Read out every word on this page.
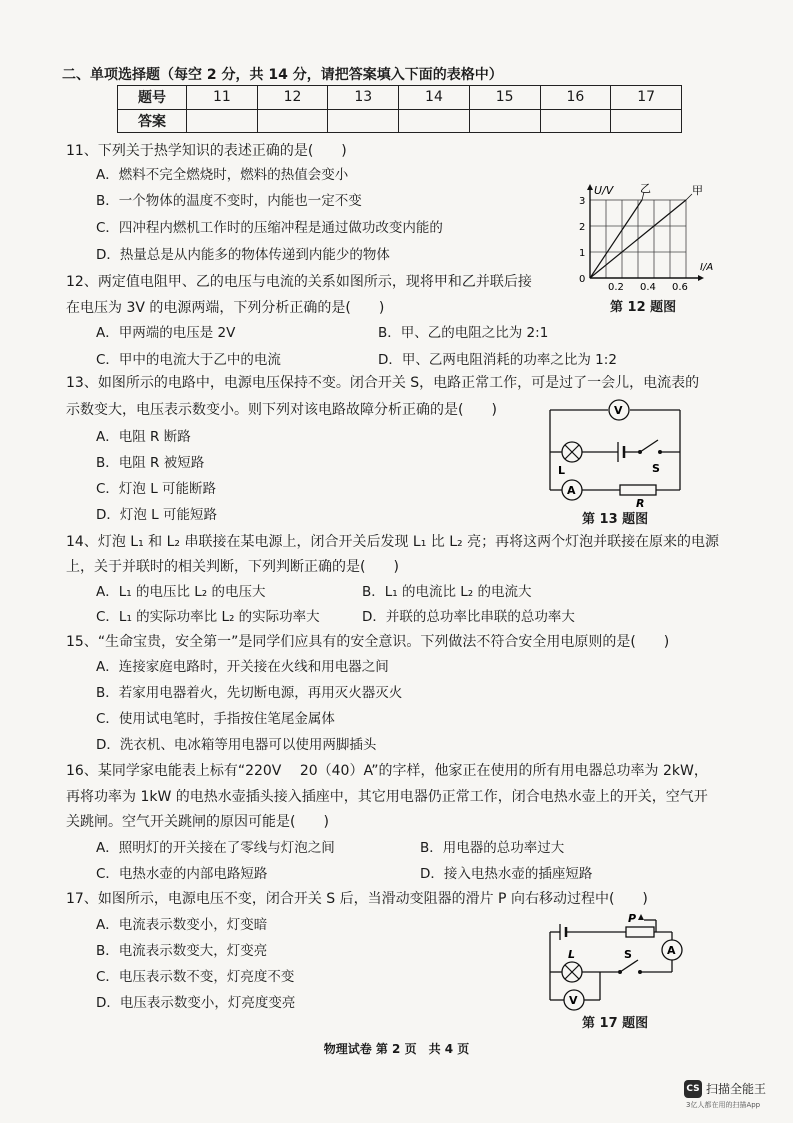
二、单项选择题（每空 2 分，共 14 分，请把答案填入下面的表格中）
题号	11	12	13	14	15	16	17
答案							
11、下列关于热学知识的表述正确的是(　　)
A．燃料不完全燃烧时，燃料的热值会变小
B．一个物体的温度不变时，内能也一定不变
C．四冲程内燃机工作时的压缩冲程是通过做功改变内能的
D．热量总是从内能多的物体传递到内能少的物体
U/V 乙	甲
3
2
1
0
0.2 0.4 0.6
I/A
第 12 题图
12、两定值电阻甲、乙的电压与电流的关系如图所示，现将甲和乙并联后接
在电压为 3V 的电源两端，下列分析正确的是(　　)
A．甲两端的电压是 2V	B．甲、乙的电阻之比为 2:1
C．甲中的电流大于乙中的电流	D．甲、乙两电阻消耗的功率之比为 1:2
13、如图所示的电路中，电源电压保持不变。闭合开关 S，电路正常工作，可是过了一会儿，电流表的
示数变大，电压表示数变小。则下列对该电路故障分析正确的是(　　)
A．电阻 R 断路
B．电阻 R 被短路
C．灯泡 L 可能断路
D．灯泡 L 可能短路
V
L	S
A
R
第 13 题图
14、灯泡 L₁ 和 L₂ 串联接在某电源上，闭合开关后发现 L₁ 比 L₂ 亮；再将这两个灯泡并联接在原来的电源
上，关于并联时的相关判断，下列判断正确的是(　　)
A．L₁ 的电压比 L₂ 的电压大	B．L₁ 的电流比 L₂ 的电流大
C．L₁ 的实际功率比 L₂ 的实际功率大	D．并联的总功率比串联的总功率大
15、“生命宝贵，安全第一”是同学们应具有的安全意识。下列做法不符合安全用电原则的是(　　)
A．连接家庭电路时，开关接在火线和用电器之间
B．若家用电器着火，先切断电源，再用灭火器灭火
C．使用试电笔时，手指按住笔尾金属体
D．洗衣机、电冰箱等用电器可以使用两脚插头
16、某同学家电能表上标有“220V　 20（40）A”的字样，他家正在使用的所有用电器总功率为 2kW，
再将功率为 1kW 的电热水壶插头接入插座中，其它用电器仍正常工作，闭合电热水壶上的开关，空气开
关跳闸。空气开关跳闸的原因可能是(　　)
A．照明灯的开关接在了零线与灯泡之间	B．用电器的总功率过大
C．电热水壶的内部电路短路	D．接入电热水壶的插座短路
17、如图所示，电源电压不变，闭合开关 S 后，当滑动变阻器的滑片 P 向右移动过程中(　　)
A．电流表示数变小，灯变暗
B．电流表示数变大，灯变亮
C．电压表示数不变，灯亮度不变
D．电压表示数变小，灯亮度变亮
P
A
L	S
V
第 17 题图
物理试卷 第 2 页　共 4 页
CS 扫描全能王
3亿人都在用的扫描App
